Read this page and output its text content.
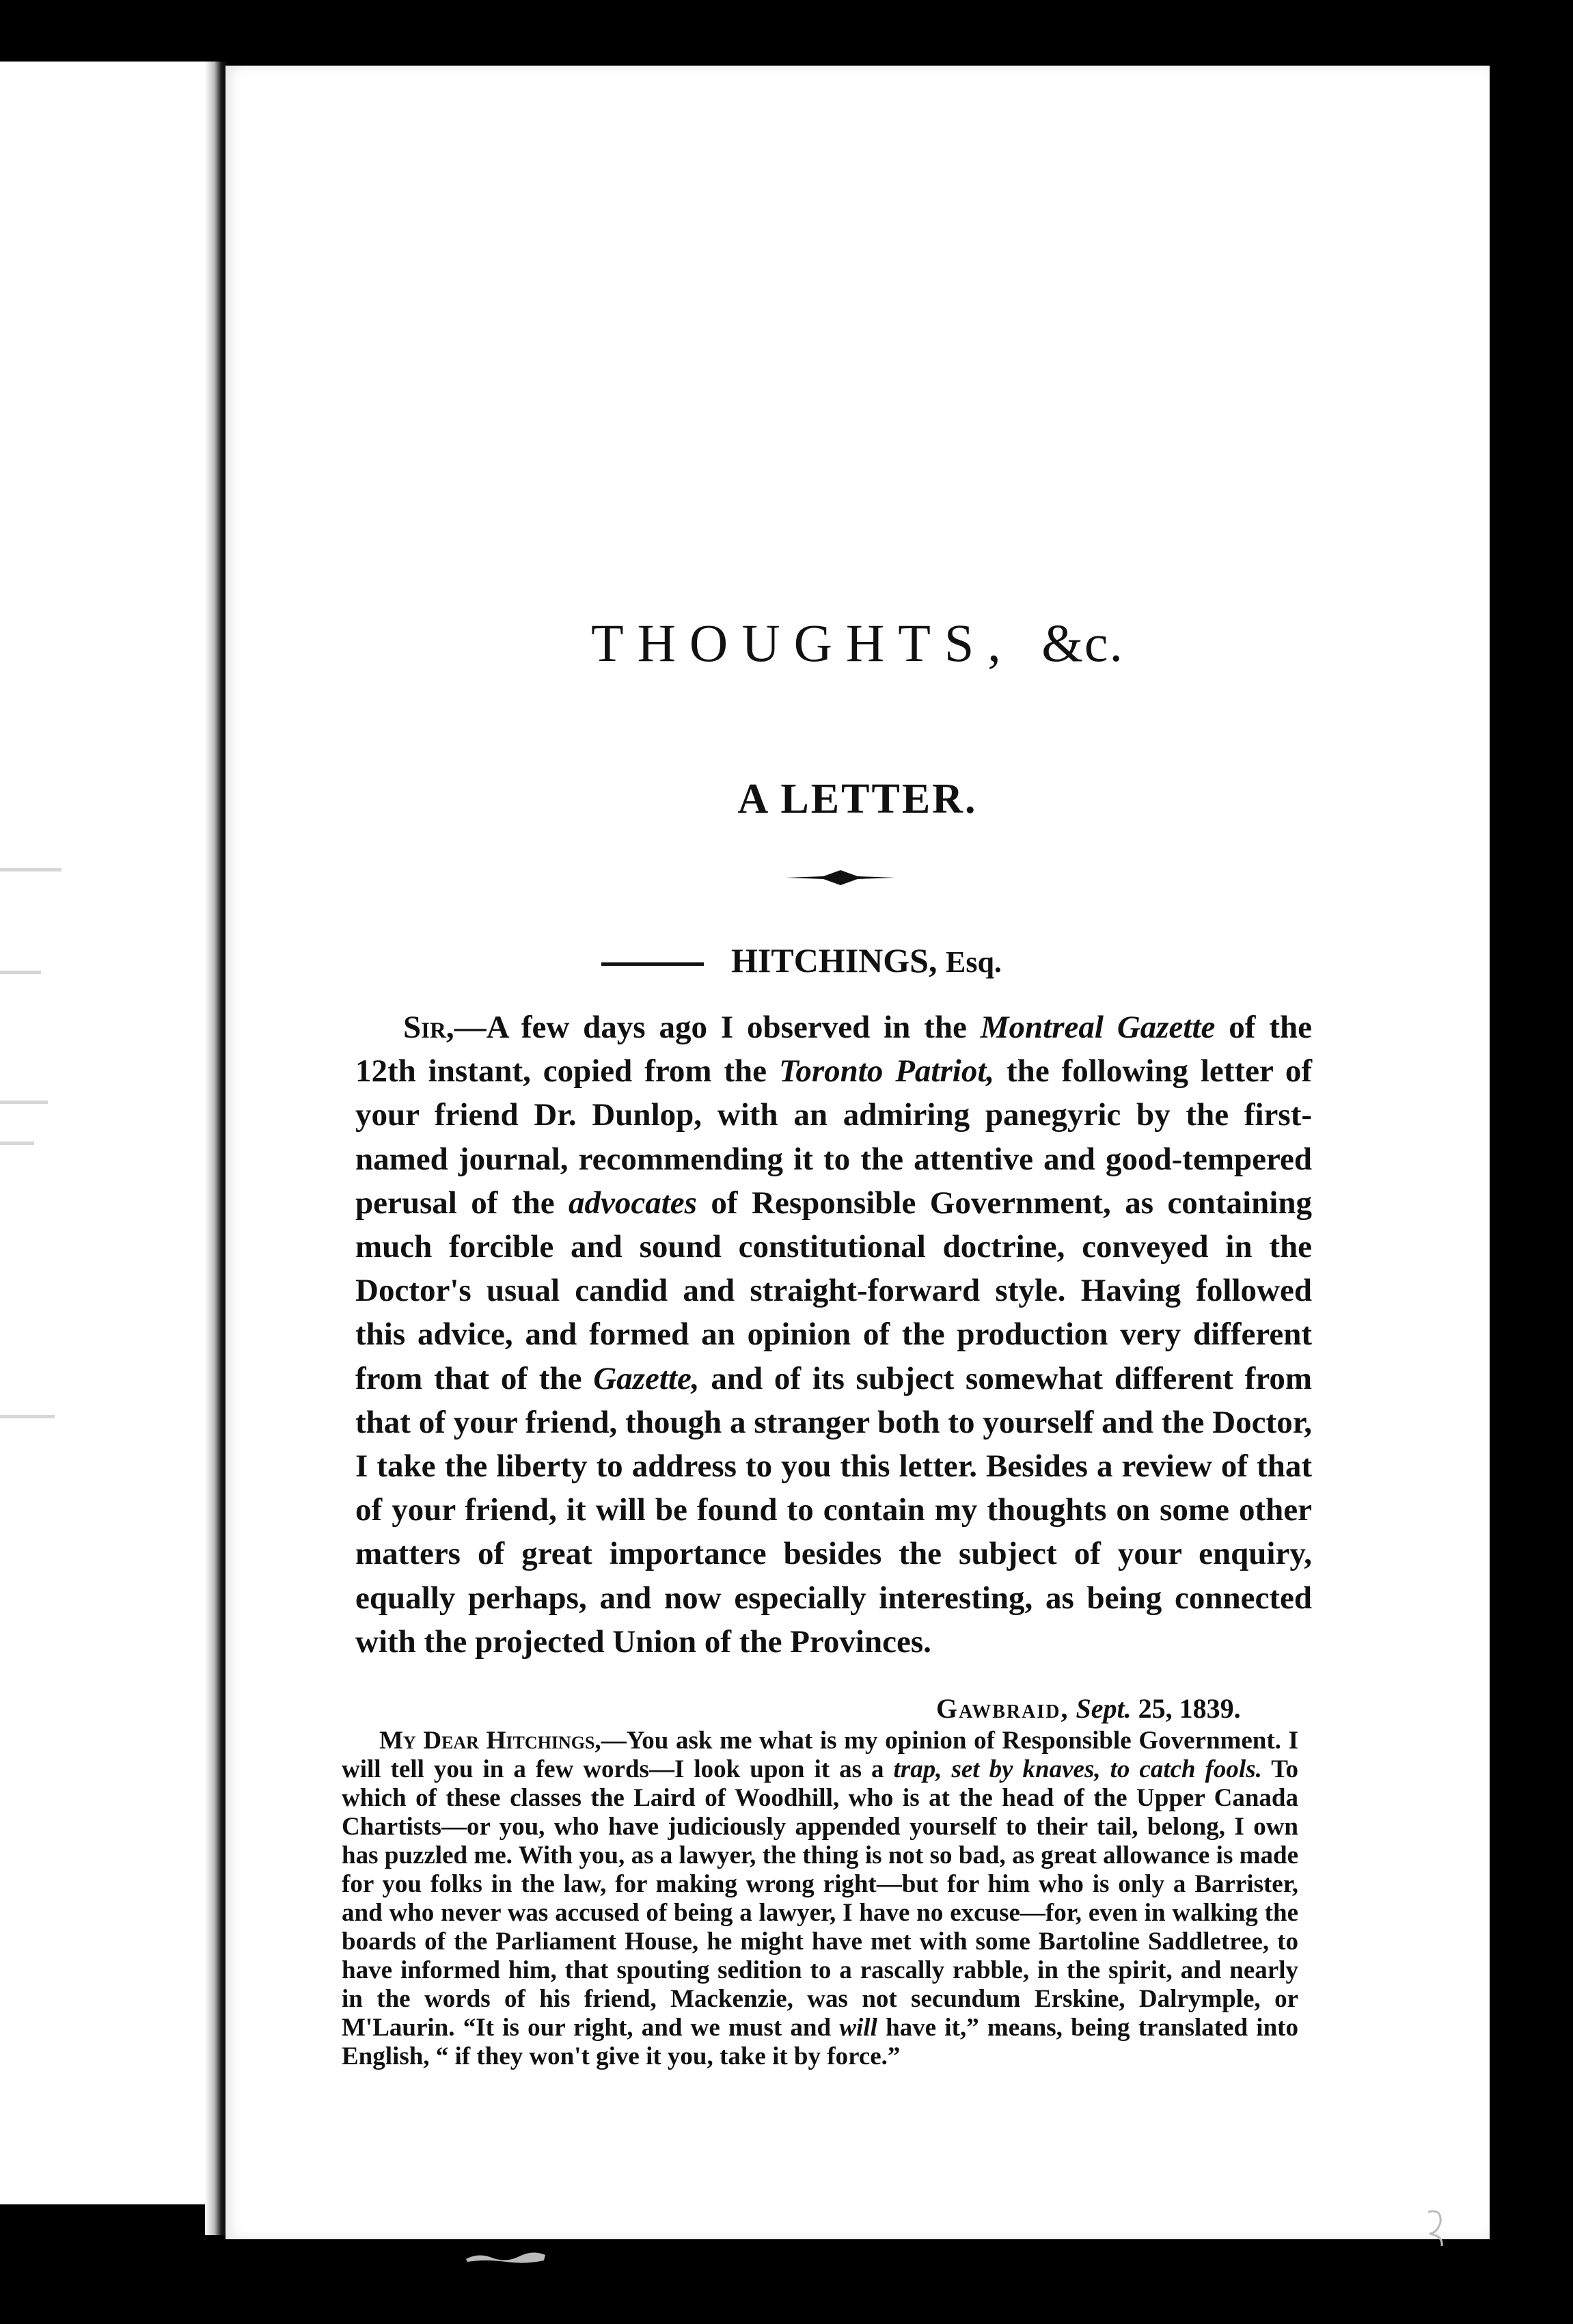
THOUGHTS, &c.
A LETTER.
HITCHINGS, Esq.

Sir,—A few days ago I observed in the Montreal Gazette of the 12th instant, copied from the Toronto Patriot, the following letter of your friend Dr. Dunlop, with an admiring panegyric by the first-named journal, recommending it to the attentive and good-tempered perusal of the advocates of Responsible Government, as containing much forcible and sound constitutional doctrine, conveyed in the Doctor's usual candid and straight-forward style. Having followed this advice, and formed an opinion of the production very different from that of the Gazette, and of its subject somewhat different from that of your friend, though a stranger both to yourself and the Doctor, I take the liberty to address to you this letter. Besides a review of that of your friend, it will be found to contain my thoughts on some other matters of great importance besides the subject of your enquiry, equally perhaps, and now especially interesting, as being connected with the projected Union of the Provinces.

Gawbraid, Sept. 25, 1839.

My Dear Hitchings,—You ask me what is my opinion of Responsible Government. I will tell you in a few words—I look upon it as a trap, set by knaves, to catch fools. To which of these classes the Laird of Woodhill, who is at the head of the Upper Canada Chartists—or you, who have judiciously appended yourself to their tail, belong, I own has puzzled me. With you, as a lawyer, the thing is not so bad, as great allowance is made for you folks in the law, for making wrong right—but for him who is only a Barrister, and who never was accused of being a lawyer, I have no excuse—for, even in walking the boards of the Parliament House, he might have met with some Bartoline Saddletree, to have informed him, that spouting sedition to a rascally rabble, in the spirit, and nearly in the words of his friend, Mackenzie, was not secundum Erskine, Dalrymple, or M'Laurin. “It is our right, and we must and will have it,” means, being translated into English, “ if they won't give it you, take it by force.”
